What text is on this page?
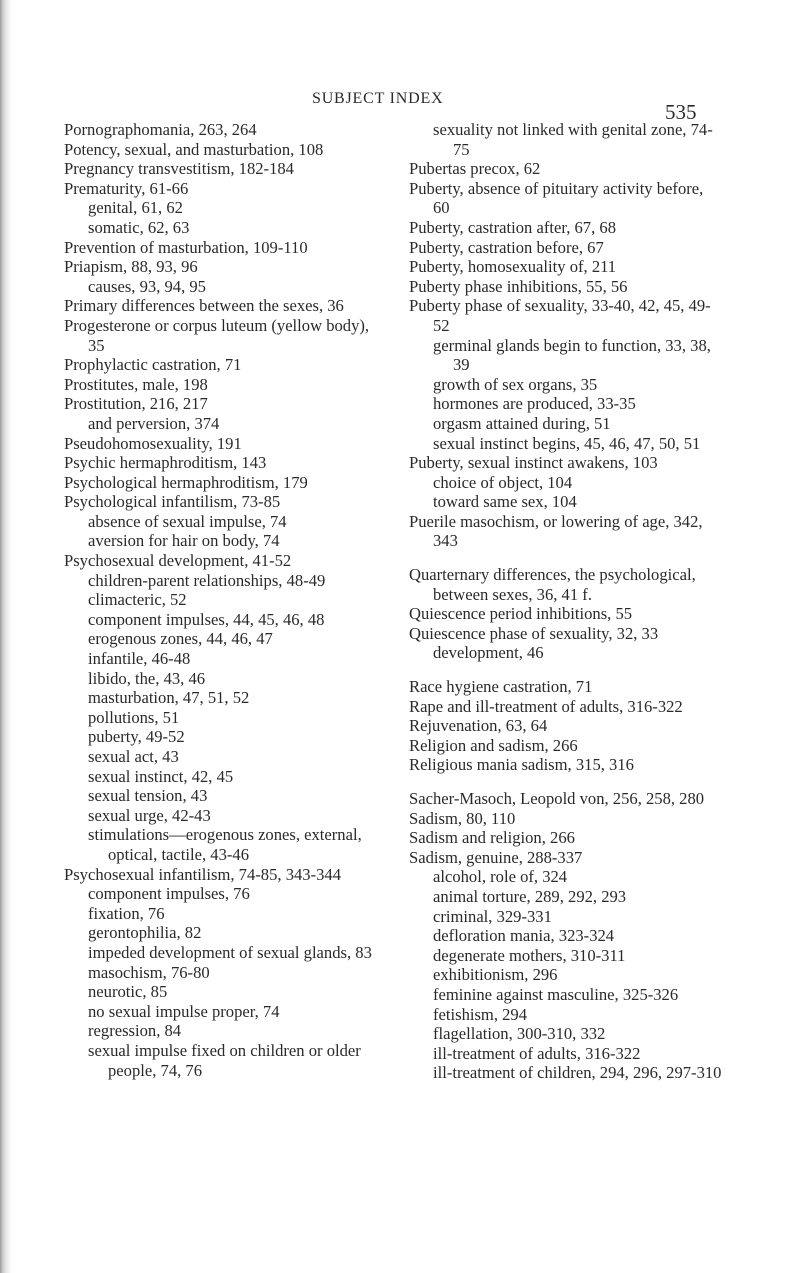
SUBJECT INDEX
535
Pornographomania, 263, 264
Potency, sexual, and masturbation, 108
Pregnancy transvestitism, 182-184
Prematurity, 61-66
genital, 61, 62
somatic, 62, 63
Prevention of masturbation, 109-110
Priapism, 88, 93, 96
causes, 93, 94, 95
Primary differences between the sexes, 36
Progesterone or corpus luteum (yellow body), 35
Prophylactic castration, 71
Prostitutes, male, 198
Prostitution, 216, 217
and perversion, 374
Pseudohomosexuality, 191
Psychic hermaphroditism, 143
Psychological hermaphroditism, 179
Psychological infantilism, 73-85
absence of sexual impulse, 74
aversion for hair on body, 74
Psychosexual development, 41-52
children-parent relationships, 48-49
climacteric, 52
component impulses, 44, 45, 46, 48
erogenous zones, 44, 46, 47
infantile, 46-48
libido, the, 43, 46
masturbation, 47, 51, 52
pollutions, 51
puberty, 49-52
sexual act, 43
sexual instinct, 42, 45
sexual tension, 43
sexual urge, 42-43
stimulations—erogenous zones, external, optical, tactile, 43-46
Psychosexual infantilism, 74-85, 343-344
component impulses, 76
fixation, 76
gerontophilia, 82
impeded development of sexual glands, 83
masochism, 76-80
neurotic, 85
no sexual impulse proper, 74
regression, 84
sexual impulse fixed on children or older people, 74, 76
sexuality not linked with genital zone, 74-75
Pubertas precox, 62
Puberty, absence of pituitary activity before, 60
Puberty, castration after, 67, 68
Puberty, castration before, 67
Puberty, homosexuality of, 211
Puberty phase inhibitions, 55, 56
Puberty phase of sexuality, 33-40, 42, 45, 49-52
germinal glands begin to function, 33, 38, 39
growth of sex organs, 35
hormones are produced, 33-35
orgasm attained during, 51
sexual instinct begins, 45, 46, 47, 50, 51
Puberty, sexual instinct awakens, 103
choice of object, 104
toward same sex, 104
Puerile masochism, or lowering of age, 342, 343
Quarternary differences, the psychological, between sexes, 36, 41 f.
Quiescence period inhibitions, 55
Quiescence phase of sexuality, 32, 33
development, 46
Race hygiene castration, 71
Rape and ill-treatment of adults, 316-322
Rejuvenation, 63, 64
Religion and sadism, 266
Religious mania sadism, 315, 316
Sacher-Masoch, Leopold von, 256, 258, 280
Sadism, 80, 110
Sadism and religion, 266
Sadism, genuine, 288-337
alcohol, role of, 324
animal torture, 289, 292, 293
criminal, 329-331
defloration mania, 323-324
degenerate mothers, 310-311
exhibitionism, 296
feminine against masculine, 325-326
fetishism, 294
flagellation, 300-310, 332
ill-treatment of adults, 316-322
ill-treatment of children, 294, 296, 297-310
